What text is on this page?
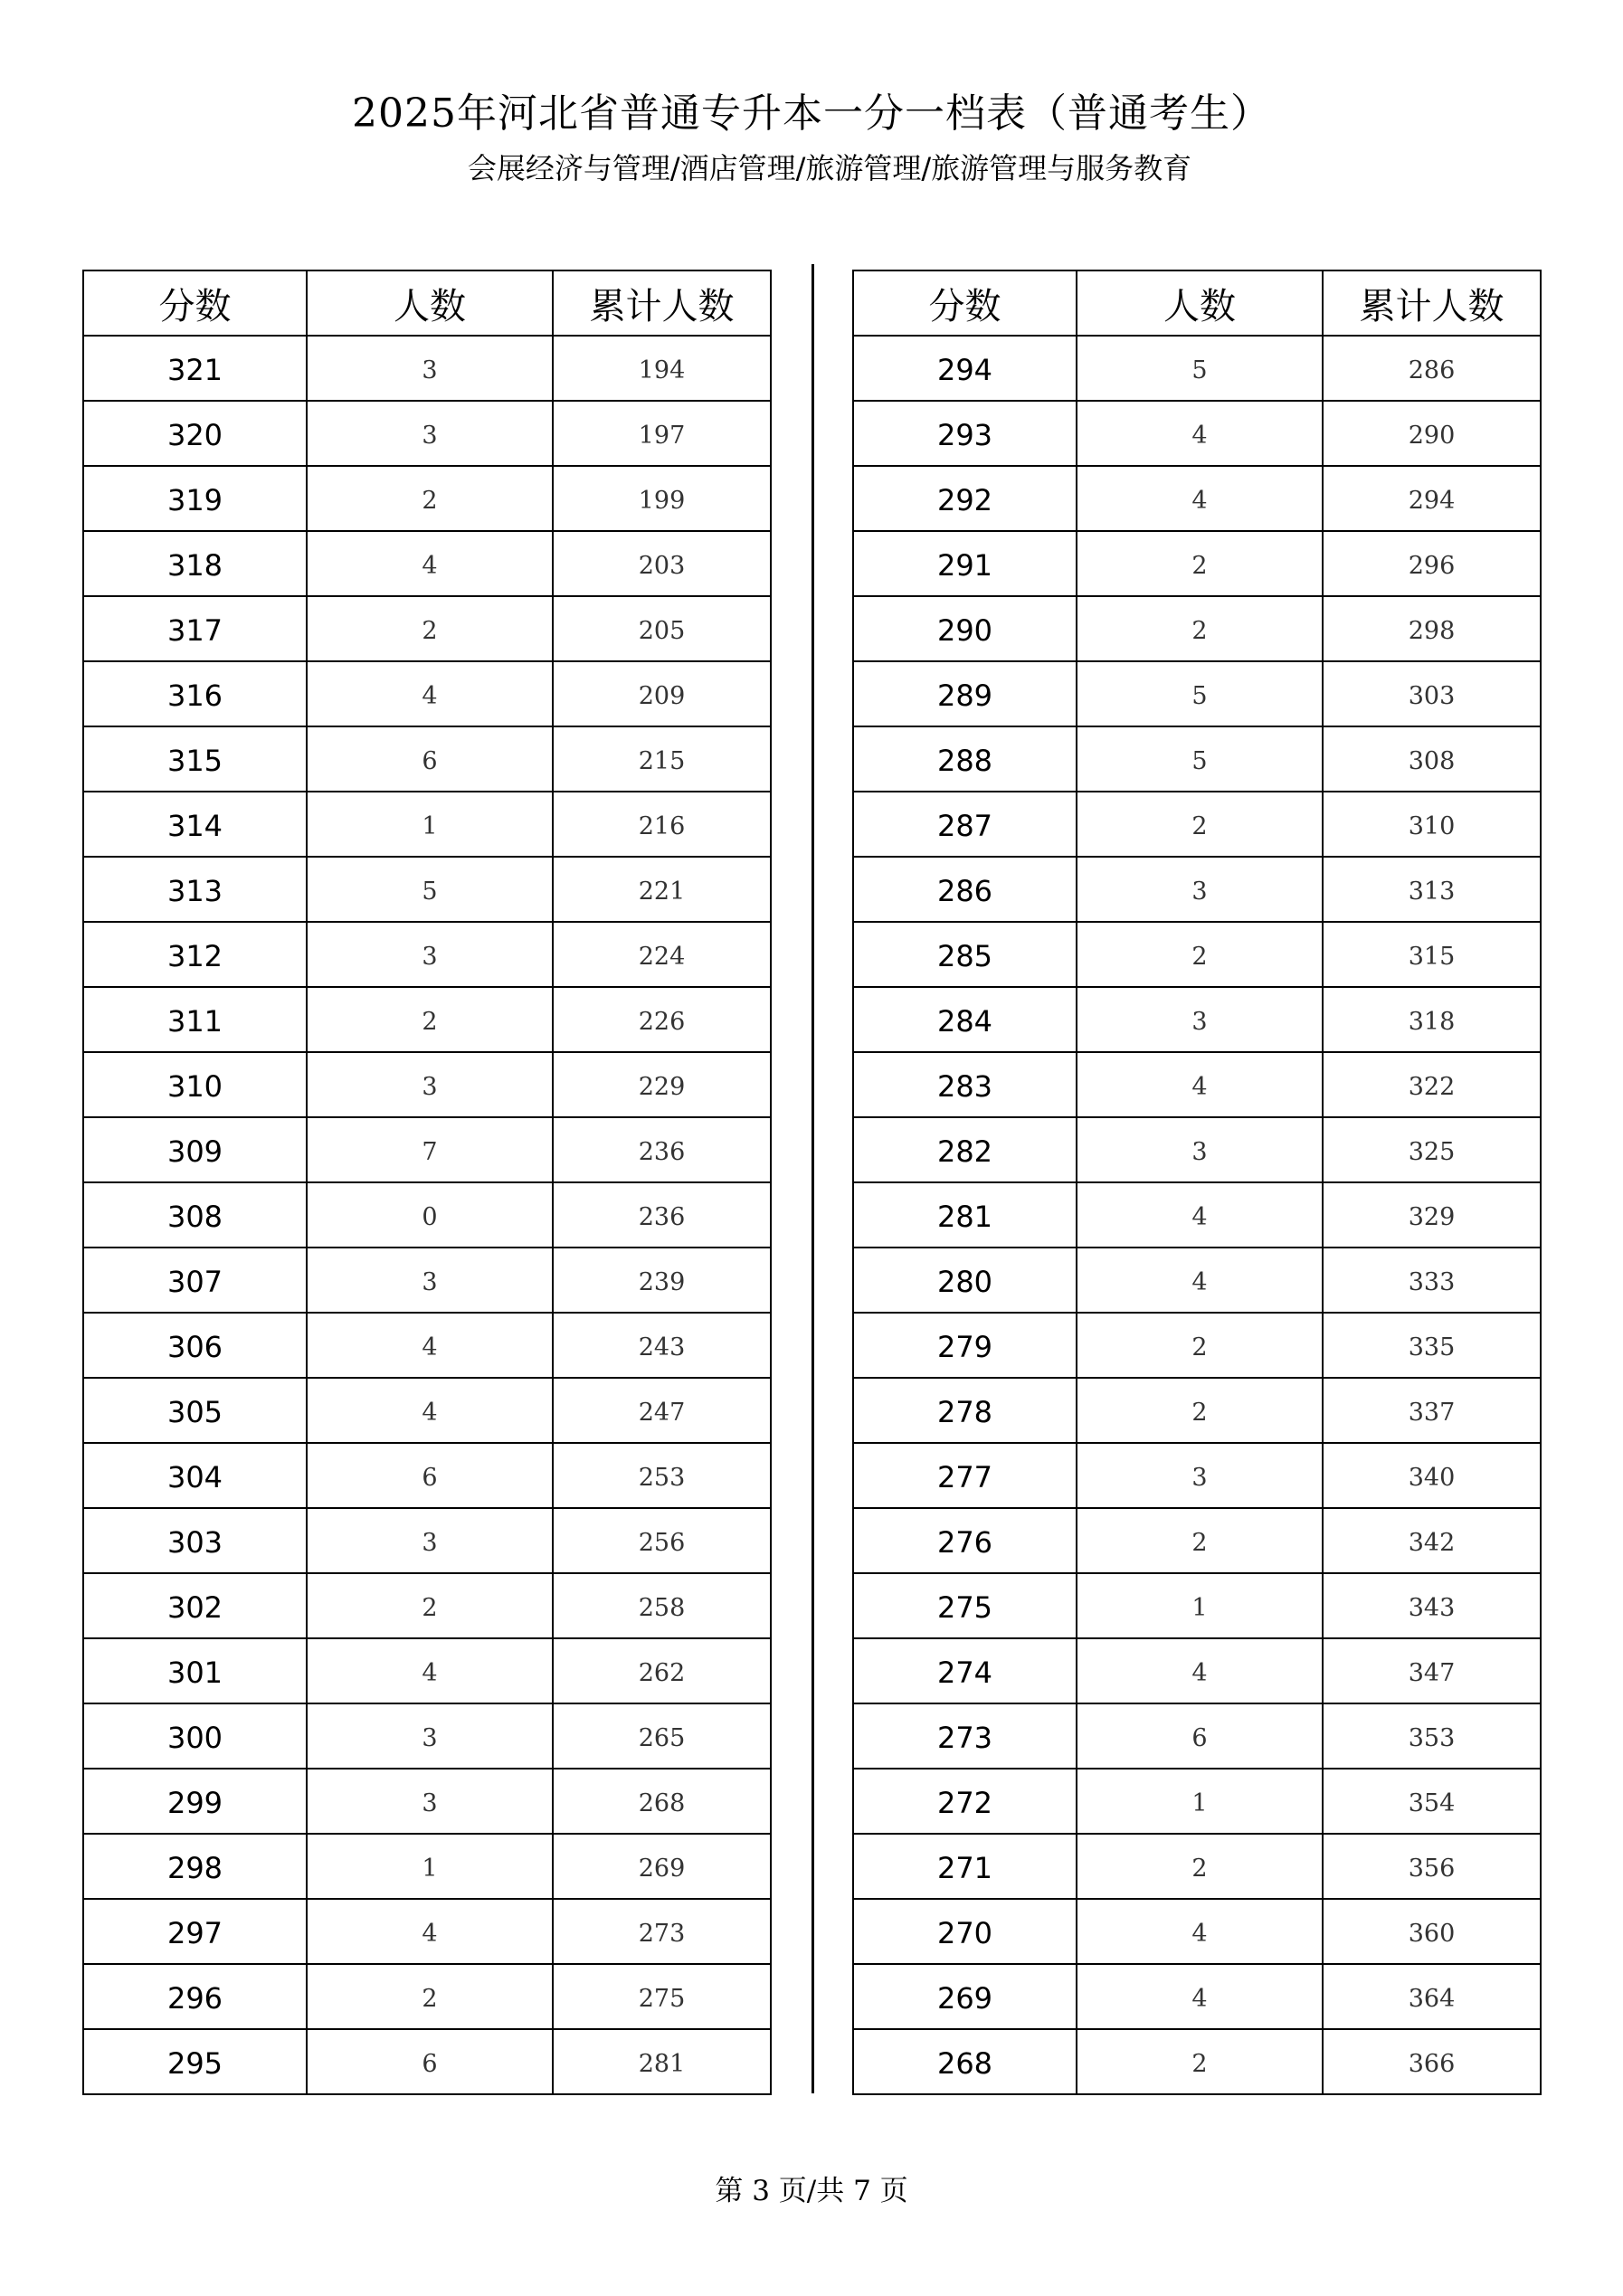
2025年河北省普通专升本一分一档表（普通考生）
会展经济与管理/酒店管理/旅游管理/旅游管理与服务教育
分数	人数	累计人数
321	3	194
320	3	197
319	2	199
318	4	203
317	2	205
316	4	209
315	6	215
314	1	216
313	5	221
312	3	224
311	2	226
310	3	229
309	7	236
308	0	236
307	3	239
306	4	243
305	4	247
304	6	253
303	3	256
302	2	258
301	4	262
300	3	265
299	3	268
298	1	269
297	4	273
296	2	275
295	6	281
分数	人数	累计人数
294	5	286
293	4	290
292	4	294
291	2	296
290	2	298
289	5	303
288	5	308
287	2	310
286	3	313
285	2	315
284	3	318
283	4	322
282	3	325
281	4	329
280	4	333
279	2	335
278	2	337
277	3	340
276	2	342
275	1	343
274	4	347
273	6	353
272	1	354
271	2	356
270	4	360
269	4	364
268	2	366
第 3 页/共 7 页
